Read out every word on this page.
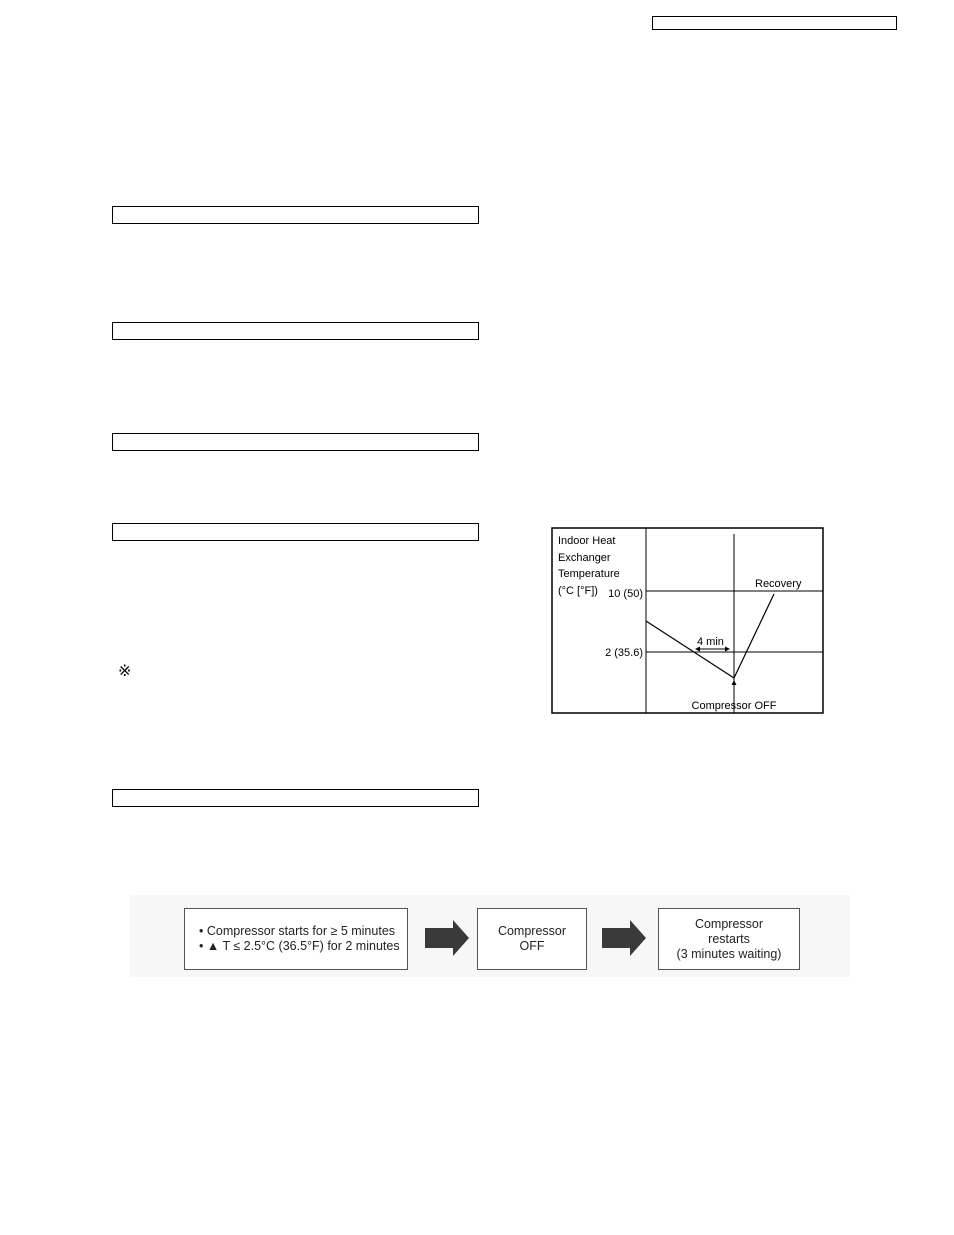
※
Indoor Heat
Exchanger
Temperature
(°C [°F]) 10 (50)
2 (35.6)
4 min
Recovery
Compressor OFF
• Compressor starts for ≥ 5 minutes
• ▲ T ≤ 2.5°C (36.5°F) for 2 minutes
Compressor
OFF
Compressor
restarts
(3 minutes waiting)
